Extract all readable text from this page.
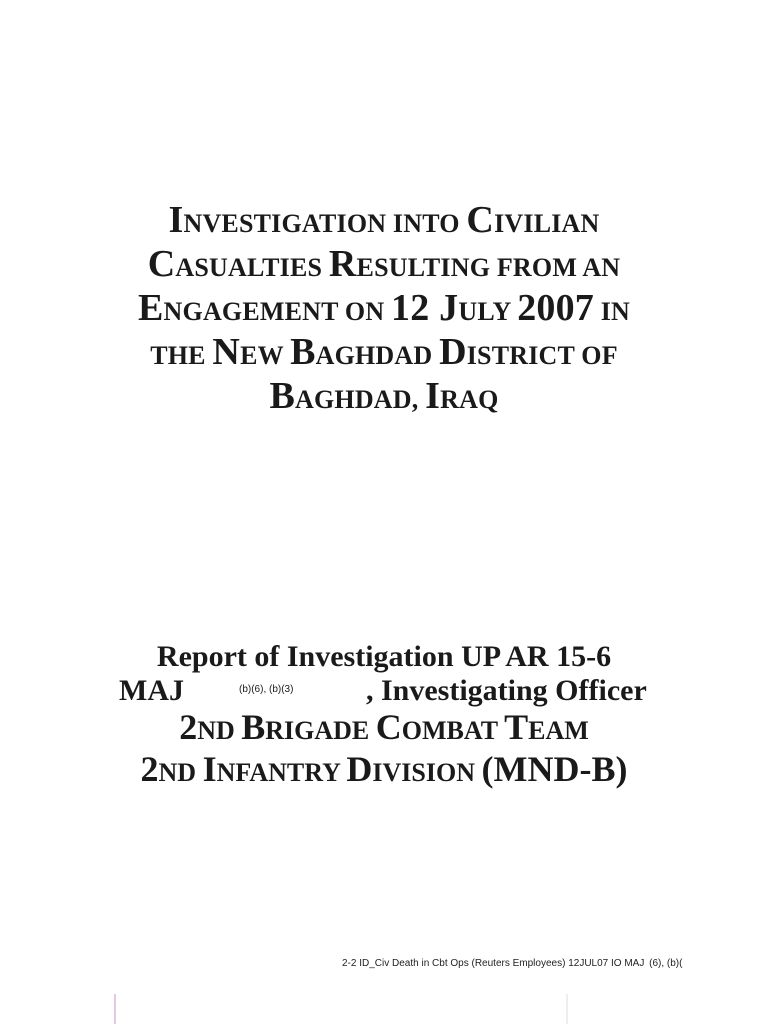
INVESTIGATION INTO CIVILIAN
CASUALTIES RESULTING FROM AN
ENGAGEMENT ON 12 JULY 2007 IN
THE NEW BAGHDAD DISTRICT OF
BAGHDAD, IRAQ
Report of Investigation UP AR 15-6
MAJ	(b)(6), (b)(3) , Investigating Officer
2ND BRIGADE COMBAT TEAM
2ND INFANTRY DIVISION (MND-B)
2-2 ID_Civ Death in Cbt Ops (Reuters Employees) 12JUL07 IO MAJ  (6), (b)(
